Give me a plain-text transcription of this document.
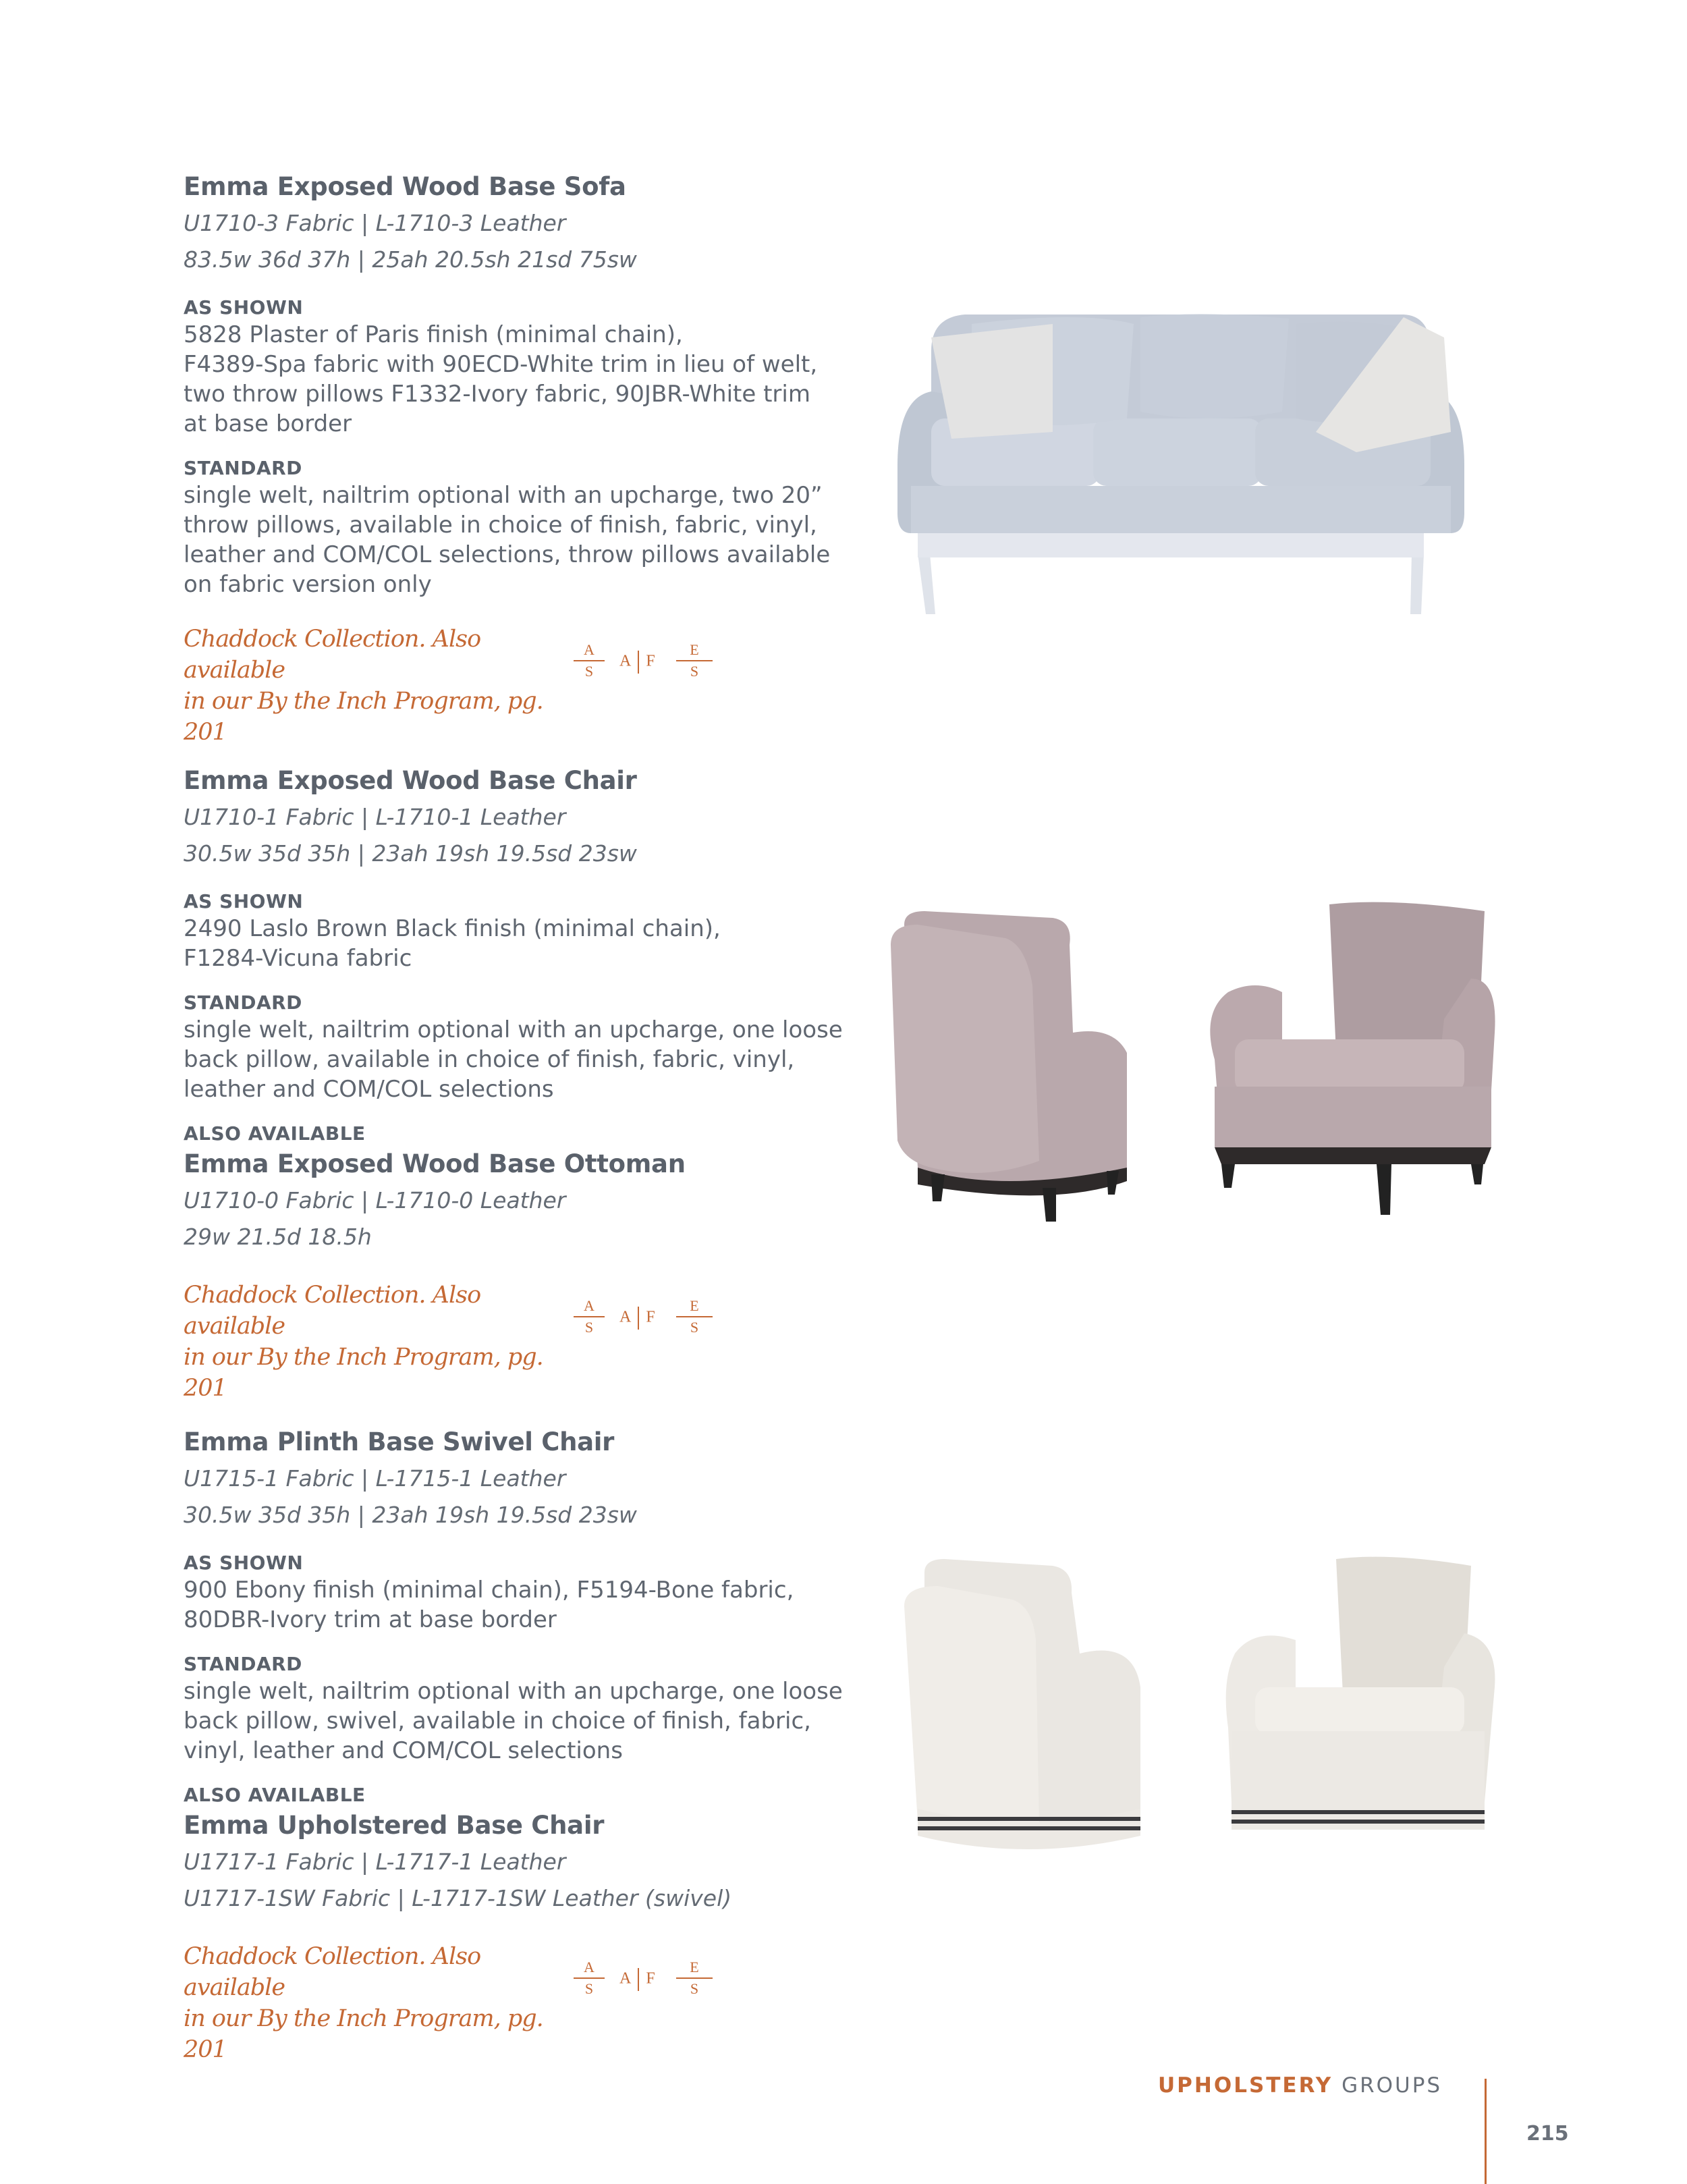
Emma Exposed Wood Base Sofa

U1710-3 Fabric | L-1710-3 Leather

83.5w 36d 37h | 25ah 20.5sh 21sd 75sw

AS SHOWN

5828 Plaster of Paris finish (minimal chain),

F4389-Spa fabric with 90ECD-White trim in lieu of welt,

two throw pillows F1332-Ivory fabric, 90JBR-White trim

at base border

STANDARD

single welt, nailtrim optional with an upcharge, two 20”

throw pillows, available in choice of finish, fabric, vinyl,

leather and COM/COL selections, throw pillows available

on fabric version only

Chaddock Collection. Also available
in our By the Inch Program, pg. 201
A
S
A F
E
S
Emma Exposed Wood Base Chair

U1710-1 Fabric | L-1710-1 Leather

30.5w 35d 35h | 23ah 19sh 19.5sd 23sw

AS SHOWN

2490 Laslo Brown Black finish (minimal chain),

F1284-Vicuna fabric

STANDARD

single welt, nailtrim optional with an upcharge, one loose

back pillow, available in choice of finish, fabric, vinyl,

leather and COM/COL selections

ALSO AVAILABLE

Emma Exposed Wood Base Ottoman

U1710-0 Fabric | L-1710-0 Leather

29w 21.5d 18.5h

Chaddock Collection. Also available
in our By the Inch Program, pg. 201
A
S
A F
E
S
Emma Plinth Base Swivel Chair

U1715-1 Fabric | L-1715-1 Leather

30.5w 35d 35h | 23ah 19sh 19.5sd 23sw

AS SHOWN

900 Ebony finish (minimal chain), F5194-Bone fabric,

80DBR-Ivory trim at base border

STANDARD

single welt, nailtrim optional with an upcharge, one loose

back pillow, swivel, available in choice of finish, fabric,

vinyl, leather and COM/COL selections

ALSO AVAILABLE

Emma Upholstered Base Chair

U1717-1 Fabric | L-1717-1 Leather

U1717-1SW Fabric | L-1717-1SW Leather (swivel)

Chaddock Collection. Also available
in our By the Inch Program, pg. 201
A
S
A F
E
S
UPHOLSTERY GROUPS
215
